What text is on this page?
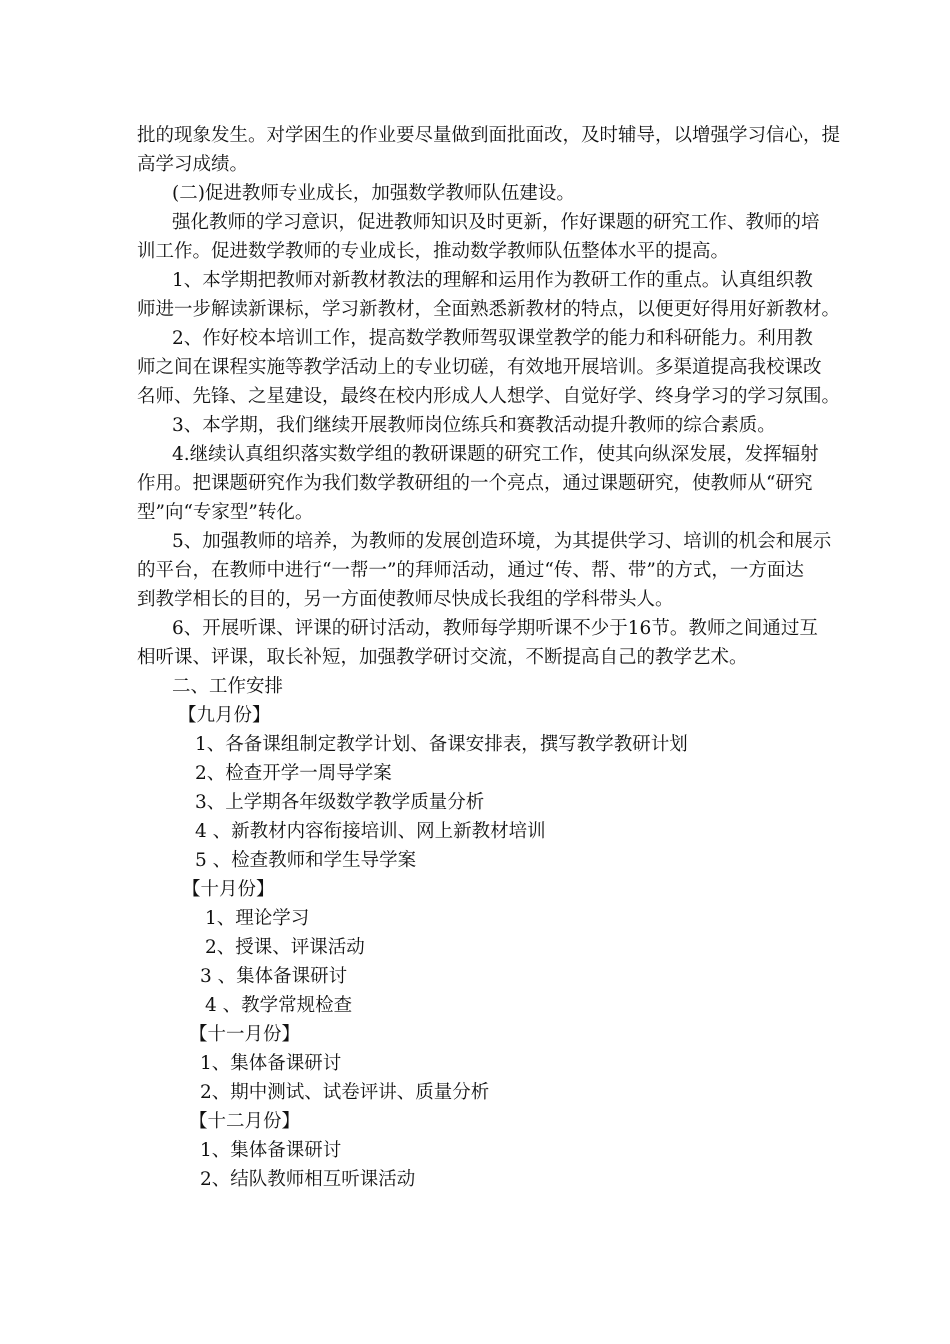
批的现象发生。对学困生的作业要尽量做到面批面改，及时辅导，以增强学习信心，提
高学习成绩。
(二)促进教师专业成长，加强数学教师队伍建设。
强化教师的学习意识，促进教师知识及时更新，作好课题的研究工作、教师的培
训工作。促进数学教师的专业成长，推动数学教师队伍整体水平的提高。
1、本学期把教师对新教材教法的理解和运用作为教研工作的重点。认真组织教
师进一步解读新课标，学习新教材，全面熟悉新教材的特点，以便更好得用好新教材。
2、作好校本培训工作，提高数学教师驾驭课堂教学的能力和科研能力。利用教
师之间在课程实施等教学活动上的专业切磋，有效地开展培训。多渠道提高我校课改
名师、先锋、之星建设，最终在校内形成人人想学、自觉好学、终身学习的学习氛围。
3、本学期，我们继续开展教师岗位练兵和赛教活动提升教师的综合素质。
4.继续认真组织落实数学组的教研课题的研究工作，使其向纵深发展，发挥辐射
作用。把课题研究作为我们数学教研组的一个亮点，通过课题研究，使教师从“研究
型”向“专家型”转化。
5、加强教师的培养，为教师的发展创造环境，为其提供学习、培训的机会和展示
的平台，在教师中进行“一帮一”的拜师活动，通过“传、帮、带”的方式，一方面达
到教学相长的目的，另一方面使教师尽快成长我组的学科带头人。
6、开展听课、评课的研讨活动，教师每学期听课不少于16节。教师之间通过互
相听课、评课，取长补短，加强教学研讨交流，不断提高自己的教学艺术。
二、工作安排
【九月份】
1、各备课组制定教学计划、备课安排表，撰写教学教研计划
2、检查开学一周导学案
3、上学期各年级数学教学质量分析
4 、新教材内容衔接培训、网上新教材培训
5 、检查教师和学生导学案
【十月份】
1、理论学习
2、授课、评课活动
3 、集体备课研讨
4 、教学常规检查
【十一月份】
1、集体备课研讨
2、期中测试、试卷评讲、质量分析
【十二月份】
1、集体备课研讨
2、结队教师相互听课活动
